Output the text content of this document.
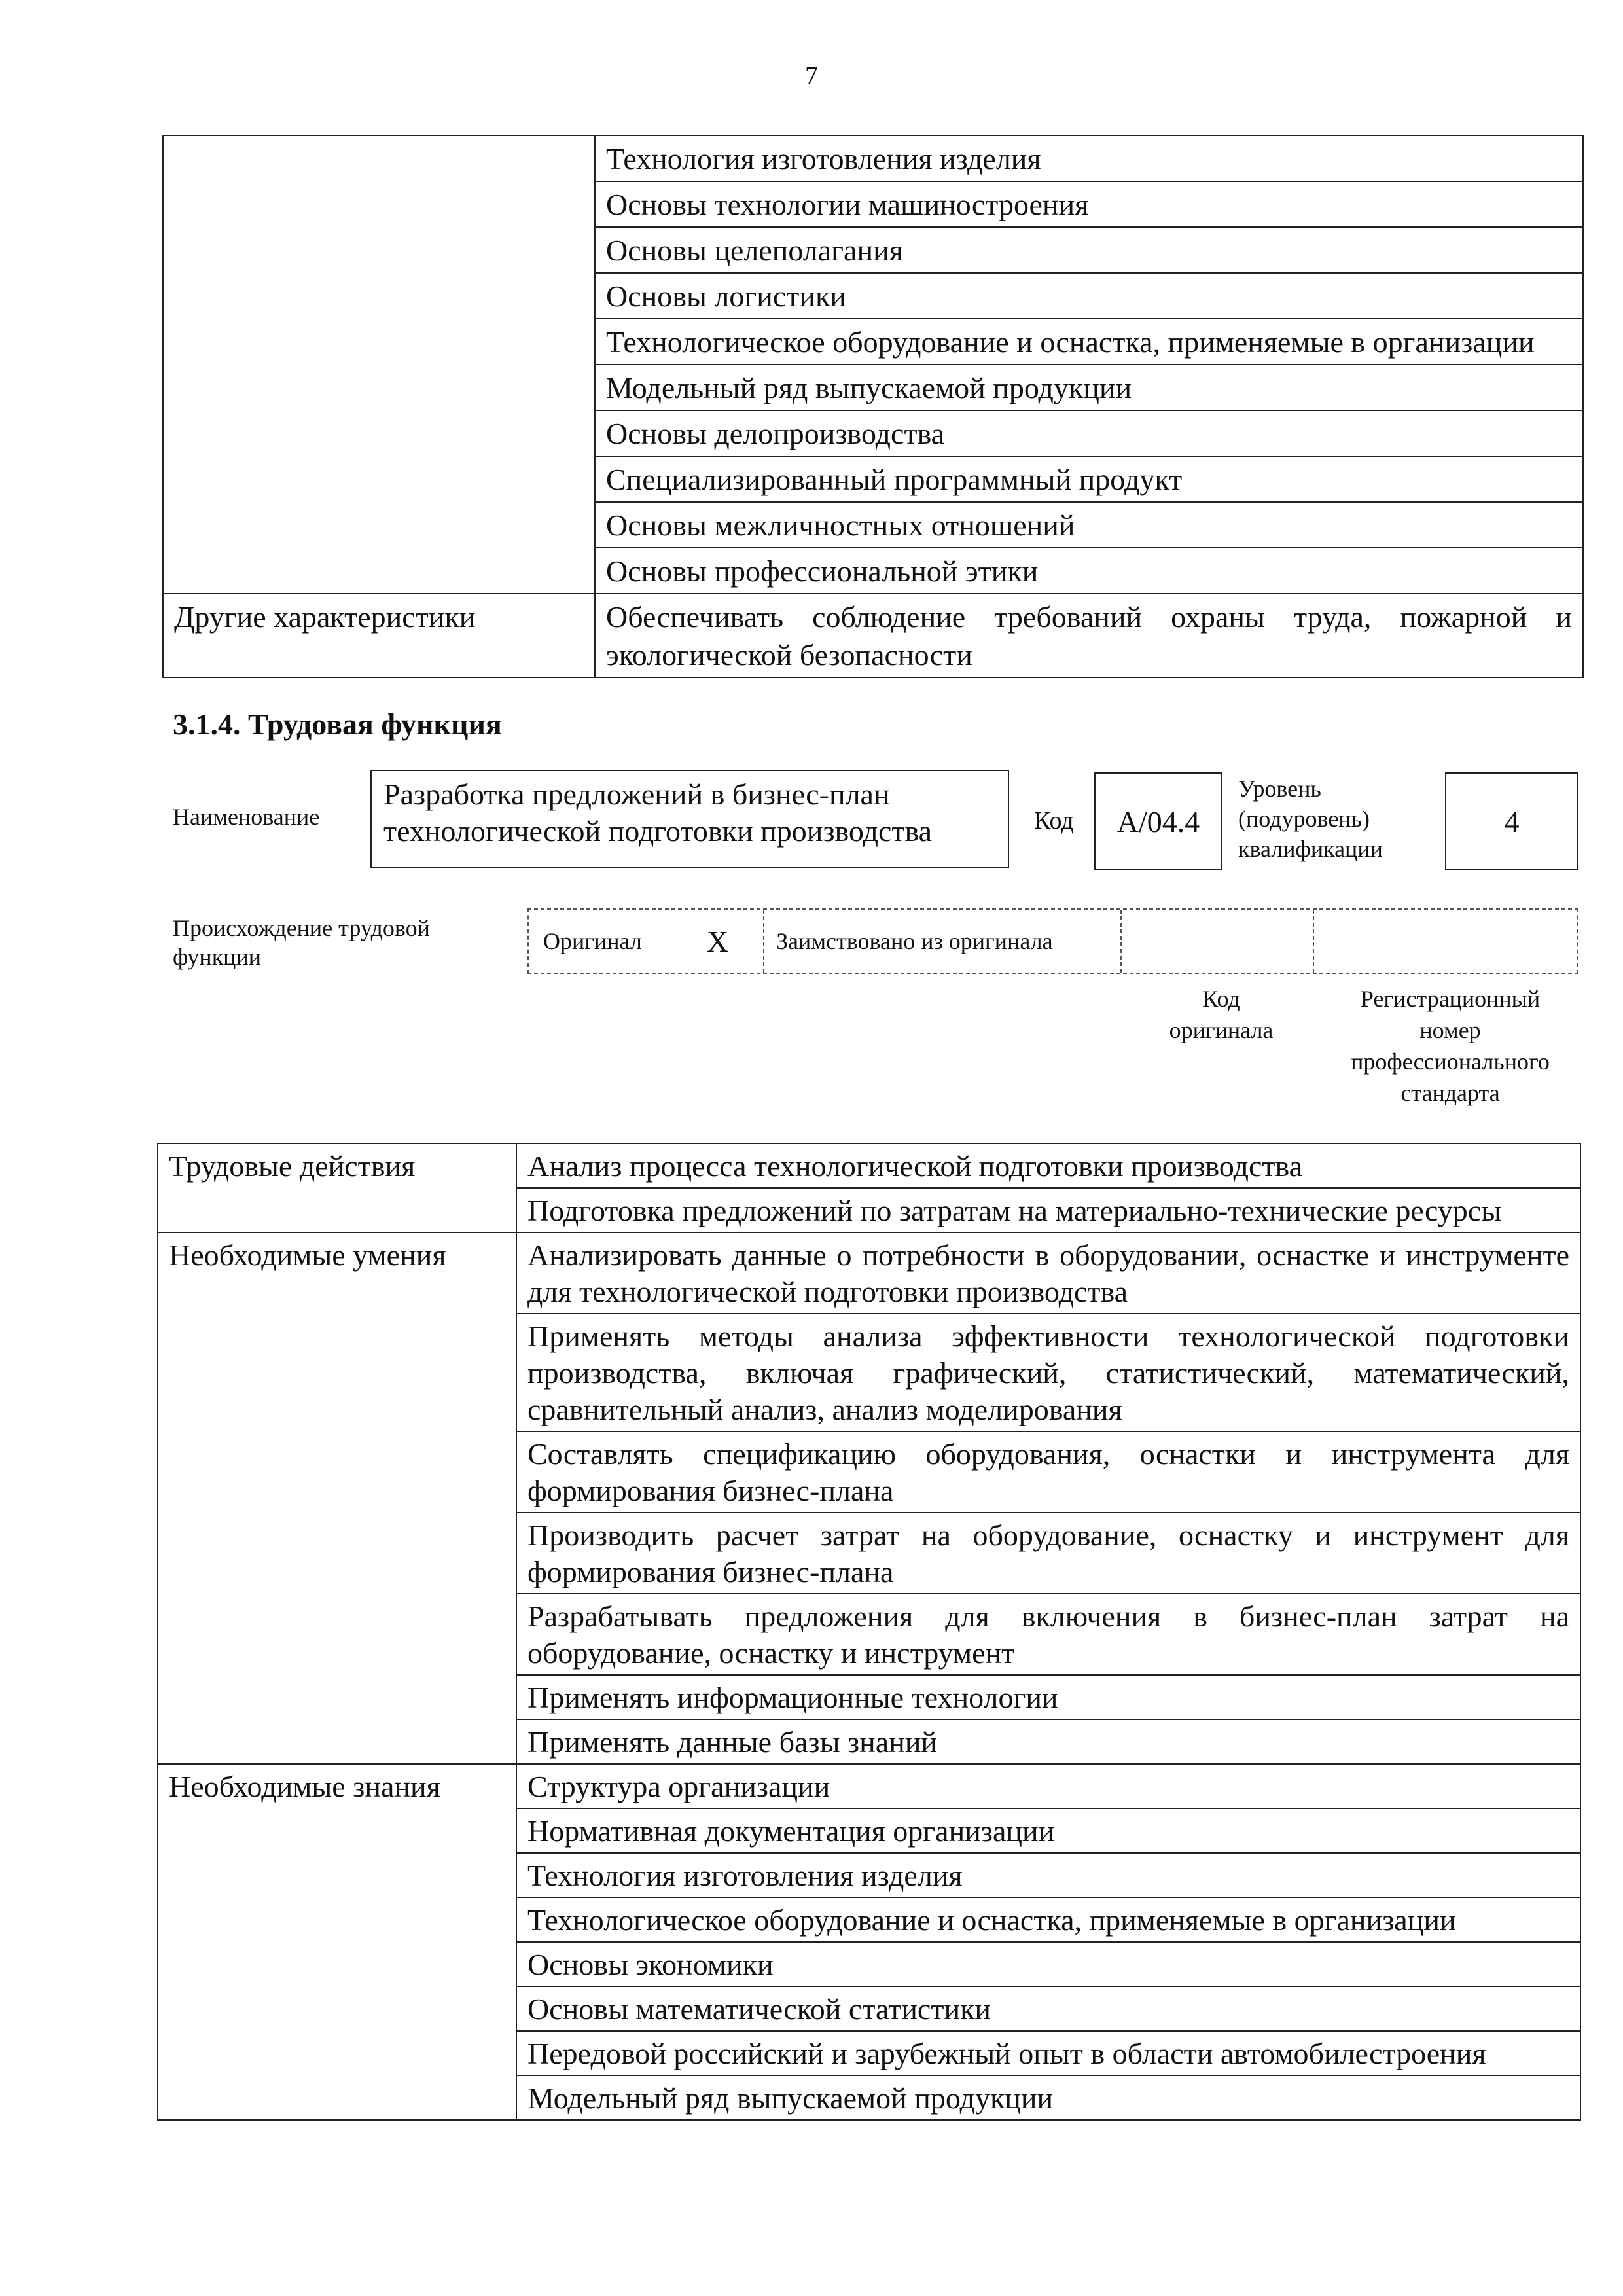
7
	Технология изготовления изделия
	Основы технологии машиностроения
	Основы целеполагания
	Основы логистики
	Технологическое оборудование и оснастка, применяемые в организации
	Модельный ряд выпускаемой продукции
	Основы делопроизводства
	Специализированный программный продукт
	Основы межличностных отношений
	Основы профессиональной этики
Другие характеристики	Обеспечивать соблюдение требований охраны труда, пожарной и экологической безопасности
3.1.4. Трудовая функция
Наименование
Разработка предложений в бизнес-план технологической подготовки производства	Код	А/04.4
Уровень
(подуровень)
квалификации
4
Происхождение трудовой
функции
Оригинал X Заимствовано из оригинала
Код
оригинала
Регистрационный
номер
профессионального
стандарта
Трудовые действия	Анализ процесса технологической подготовки производства
	Подготовка предложений по затратам на материально-технические ресурсы
Необходимые умения	Анализировать данные о потребности в оборудовании, оснастке и инструменте для технологической подготовки производства
	Применять методы анализа эффективности технологической подготовки производства, включая графический, статистический, математический, сравнительный анализ, анализ моделирования
	Составлять спецификацию оборудования, оснастки и инструмента для формирования бизнес-плана
	Производить расчет затрат на оборудование, оснастку и инструмент для формирования бизнес-плана
	Разрабатывать предложения для включения в бизнес-план затрат на оборудование, оснастку и инструмент
	Применять информационные технологии
	Применять данные базы знаний
Необходимые знания	Структура организации
	Нормативная документация организации
	Технология изготовления изделия
	Технологическое оборудование и оснастка, применяемые в организации
	Основы экономики
	Основы математической статистики
	Передовой российский и зарубежный опыт в области автомобилестроения
	Модельный ряд выпускаемой продукции
